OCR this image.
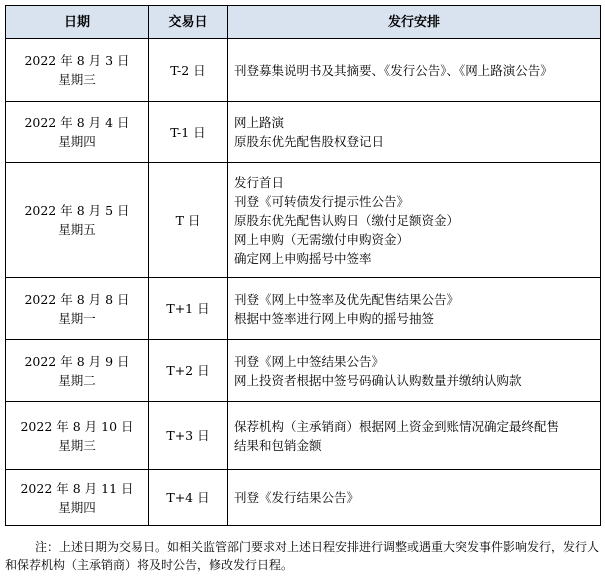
日期	交易日	发行安排

2022 年 8 月 3 日
星期三	T-2 日	刊登募集说明书及其摘要、《发行公告》、《网上路演公告》

2022 年 8 月 4 日
星期四	T-1 日	网上路演
原股东优先配售股权登记日

2022 年 8 月 5 日
星期五	T 日	发行首日
刊登《可转债发行提示性公告》
原股东优先配售认购日（缴付足额资金）
网上申购（无需缴付申购资金）
确定网上申购摇号中签率

2022 年 8 月 8 日
星期一	T+1 日	刊登《网上中签率及优先配售结果公告》
根据中签率进行网上申购的摇号抽签

2022 年 8 月 9 日
星期二	T+2 日	刊登《网上中签结果公告》
网上投资者根据中签号码确认认购数量并缴纳认购款

2022 年 8 月 10 日
星期三	T+3 日	保荐机构（主承销商）根据网上资金到账情况确定最终配售
结果和包销金额

2022 年 8 月 11 日
星期四	T+4 日	刊登《发行结果公告》
注：上述日期为交易日。如相关监管部门要求对上述日程安排进行调整或遇重大突发事件影响发行，发行人和保荐机构（主承销商）将及时公告，修改发行日程。
